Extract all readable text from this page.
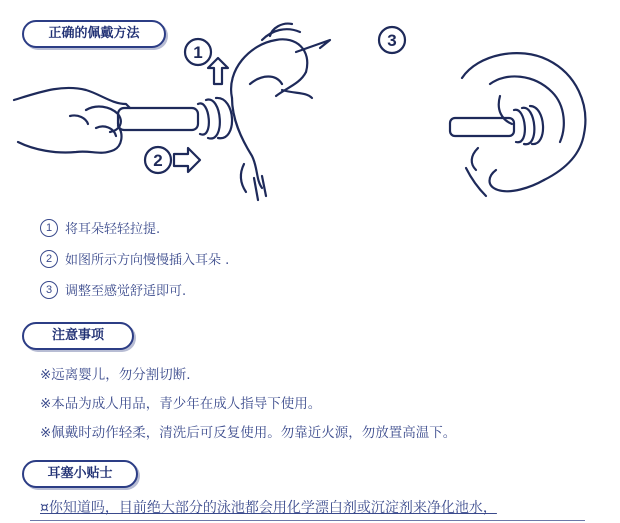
正确的佩戴方法
注意事项
耳塞小贴士
1
2
3
1 将耳朵轻轻拉提.
2 如图所示方向慢慢插入耳朵 .
3 调整至感觉舒适即可.
※远离婴儿，勿分割切断.
※本品为成人用品，青少年在成人指导下使用。
※佩戴时动作轻柔，清洗后可反复使用。勿靠近火源，勿放置高温下。
¤你知道吗，目前绝大部分的泳池都会用化学漂白剂或沉淀剂来净化池水，
